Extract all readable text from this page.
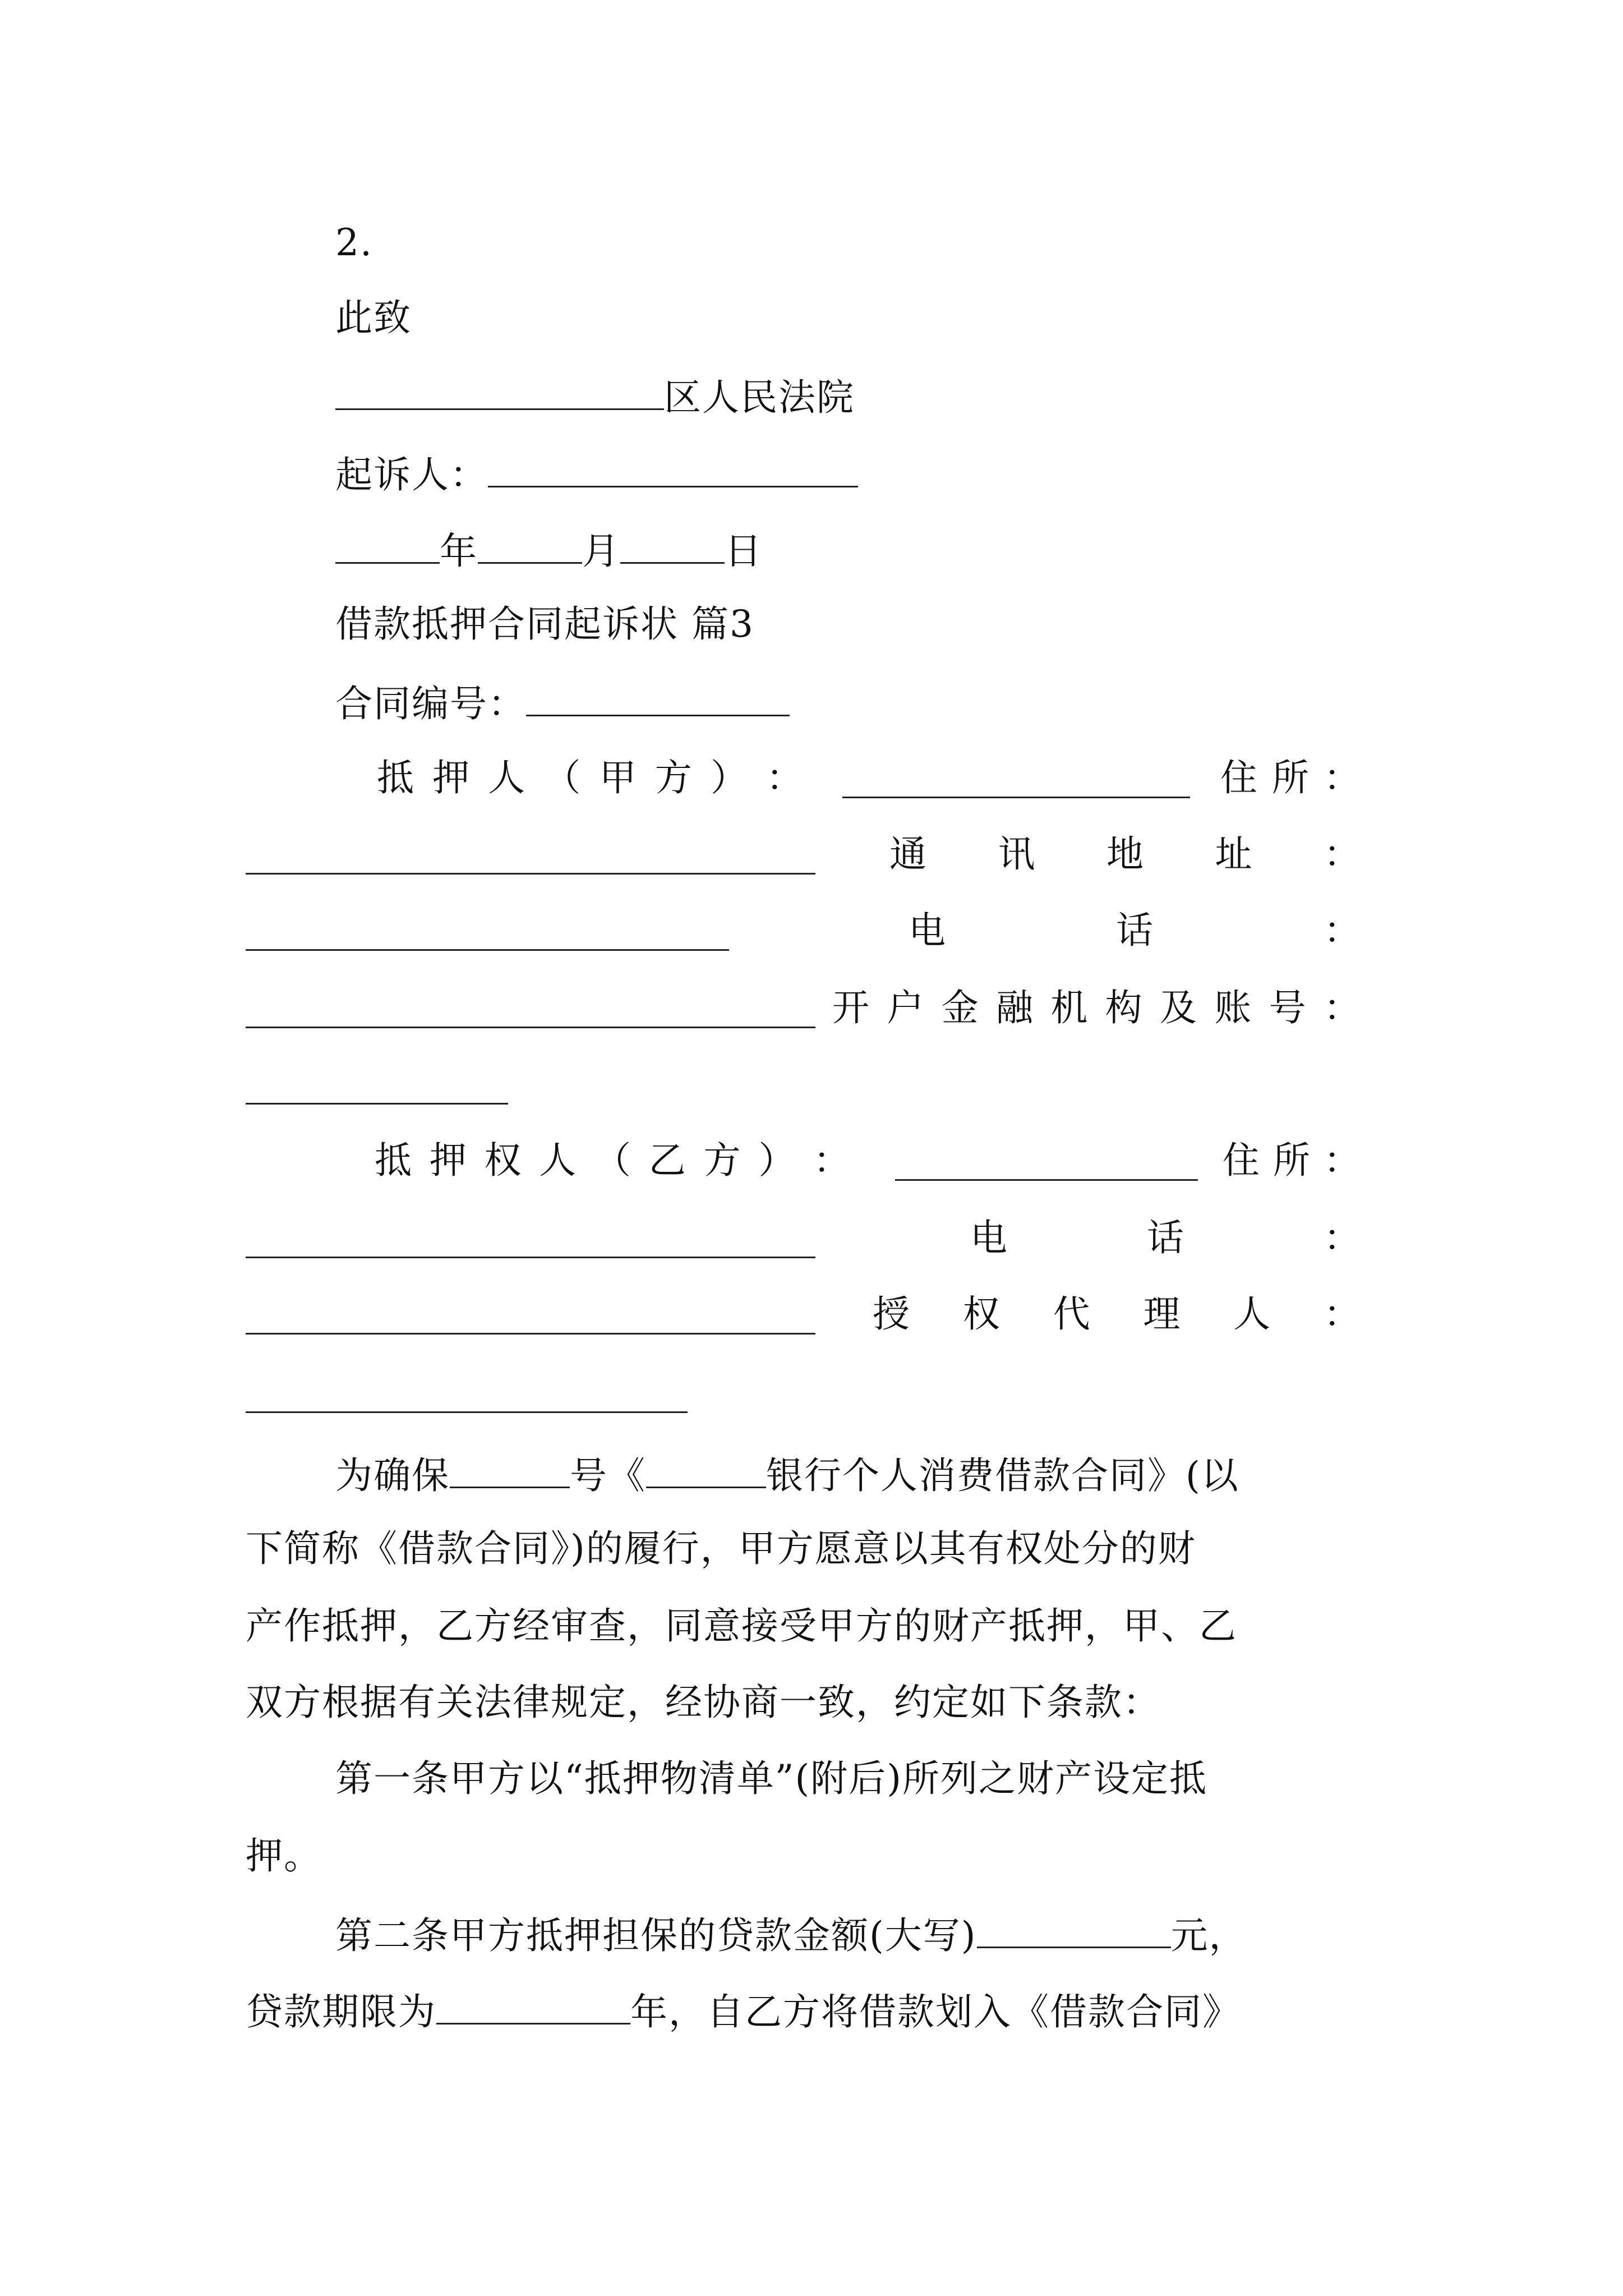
2.
此致
区人民法院
起诉人：
年	月	日
借款抵押合同起诉状 篇3
合同编号：
抵 押 人 （ 甲 方 ） ：	住 所 ：
通 讯 地 址 ：
电	话	：
开 户 金 融 机 构 及 账 号 ：
抵 押 权 人 （ 乙 方 ） ：	住 所 ：
电	话	：
授 权 代 理 人 ：
为确保	号《	银行个人消费借款合同》(以
下简称《借款合同》)的履行，甲方愿意以其有权处分的财
产作抵押，乙方经审查，同意接受甲方的财产抵押，甲、乙
双方根据有关法律规定，经协商一致，约定如下条款：
第一条甲方以“抵押物清单”(附后)所列之财产设定抵
押。
第二条甲方抵押担保的贷款金额(大写)	元，
贷款期限为	年，自乙方将借款划入《借款合同》
